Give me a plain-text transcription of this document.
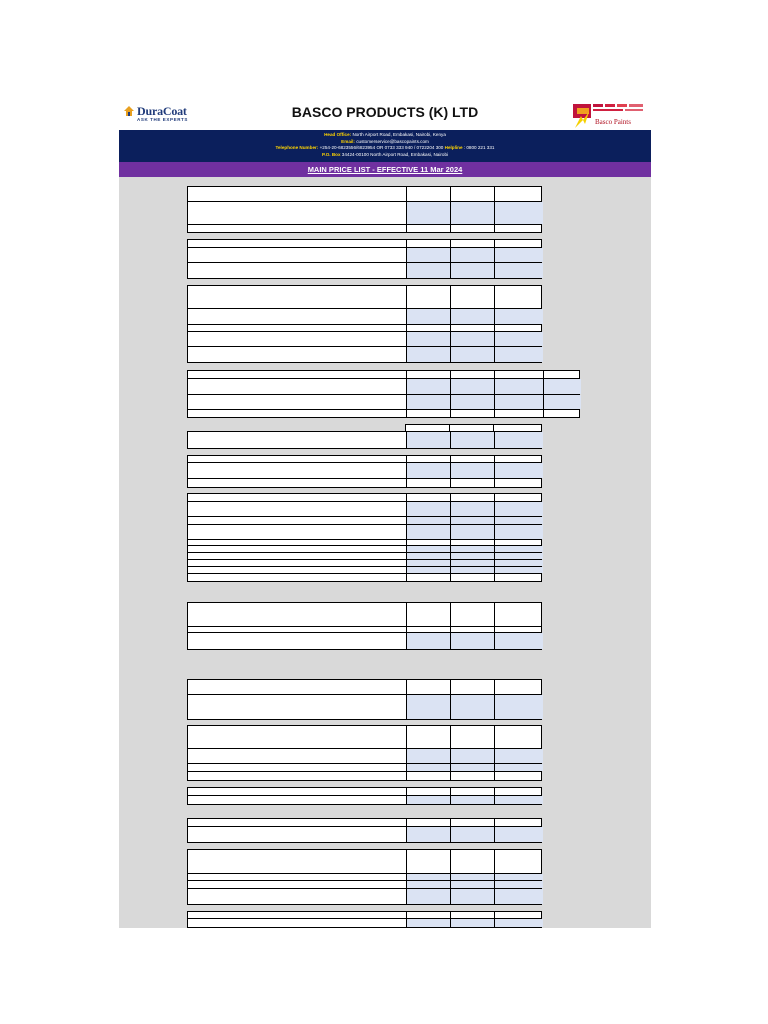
DuraCoat
ASK THE EXPERTS	BASCO PRODUCTS (K) LTD
Basco Paints
Head Office: North Airport Road, Embakasi, Nairobi, Kenya
Email: customerservice@bascopaints.com
Telephone Number: +254-20-6823556/6823954 OR 0733 333 940 / 0722204 300 Helpline : 0800 221 331
P.O. Box 34424-00100 North Airport Road, Embakasi, Nairobi
MAIN PRICE LIST - EFFECTIVE 11 Mar 2024
